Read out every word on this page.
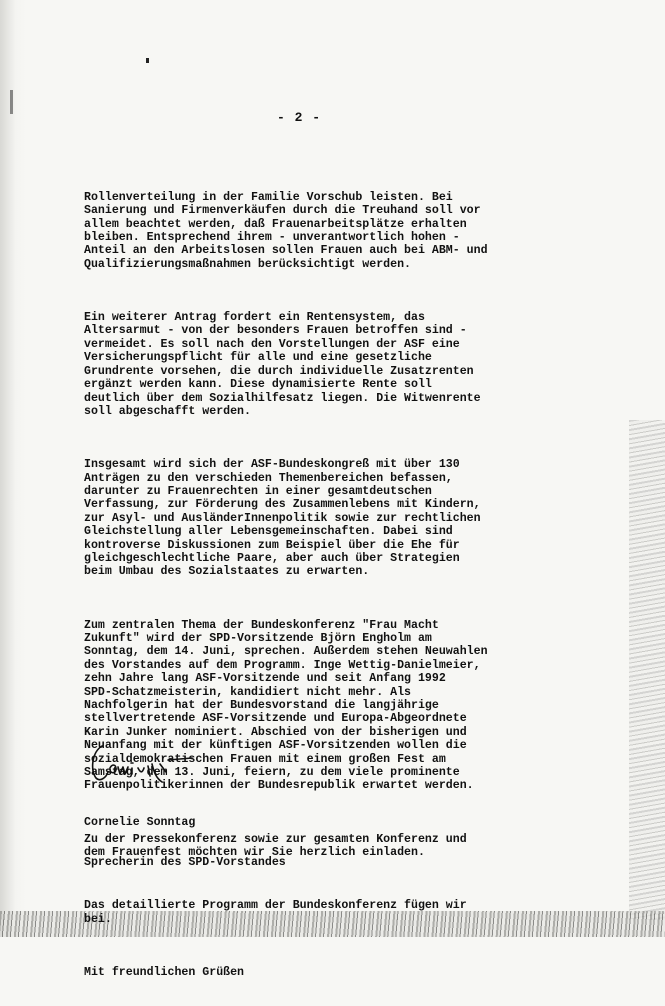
- 2 -

Rollenverteilung in der Familie Vorschub leisten. Bei
Sanierung und Firmenverkäufen durch die Treuhand soll vor
allem beachtet werden, daß Frauenarbeitsplätze erhalten
bleiben. Entsprechend ihrem - unverantwortlich hohen -
Anteil an den Arbeitslosen sollen Frauen auch bei ABM- und
Qualifizierungsmaßnahmen berücksichtigt werden.

Ein weiterer Antrag fordert ein Rentensystem, das
Altersarmut - von der besonders Frauen betroffen sind -
vermeidet. Es soll nach den Vorstellungen der ASF eine
Versicherungspflicht für alle und eine gesetzliche
Grundrente vorsehen, die durch individuelle Zusatzrenten
ergänzt werden kann. Diese dynamisierte Rente soll
deutlich über dem Sozialhilfesatz liegen. Die Witwenrente
soll abgeschafft werden.

Insgesamt wird sich der ASF-Bundeskongreß mit über 130
Anträgen zu den verschieden Themenbereichen befassen,
darunter zu Frauenrechten in einer gesamtdeutschen
Verfassung, zur Förderung des Zusammenlebens mit Kindern,
zur Asyl- und AusländerInnenpolitik sowie zur rechtlichen
Gleichstellung aller Lebensgemeinschaften. Dabei sind
kontroverse Diskussionen zum Beispiel über die Ehe für
gleichgeschlechtliche Paare, aber auch über Strategien
beim Umbau des Sozialstaates zu erwarten.

Zum zentralen Thema der Bundeskonferenz "Frau Macht
Zukunft" wird der SPD-Vorsitzende Björn Engholm am
Sonntag, dem 14. Juni, sprechen. Außerdem stehen Neuwahlen
des Vorstandes auf dem Programm. Inge Wettig-Danielmeier,
zehn Jahre lang ASF-Vorsitzende und seit Anfang 1992
SPD-Schatzmeisterin, kandidiert nicht mehr. Als
Nachfolgerin hat der Bundesvorstand die langjährige
stellvertretende ASF-Vorsitzende und Europa-Abgeordnete
Karin Junker nominiert. Abschied von der bisherigen und
Neuanfang mit der künftigen ASF-Vorsitzenden wollen die
sozialdemokratischen Frauen mit einem großen Fest am
Samstag, dem 13. Juni, feiern, zu dem viele prominente
Frauenpolitikerinnen der Bundesrepublik erwartet werden.

Zu der Pressekonferenz sowie zur gesamten Konferenz und
dem Frauenfest möchten wir Sie herzlich einladen.

Das detaillierte Programm der Bundeskonferenz fügen wir
bei.

Mit freundlichen Grüßen

Cornelie Sonntag

Sprecherin des SPD-Vorstandes
